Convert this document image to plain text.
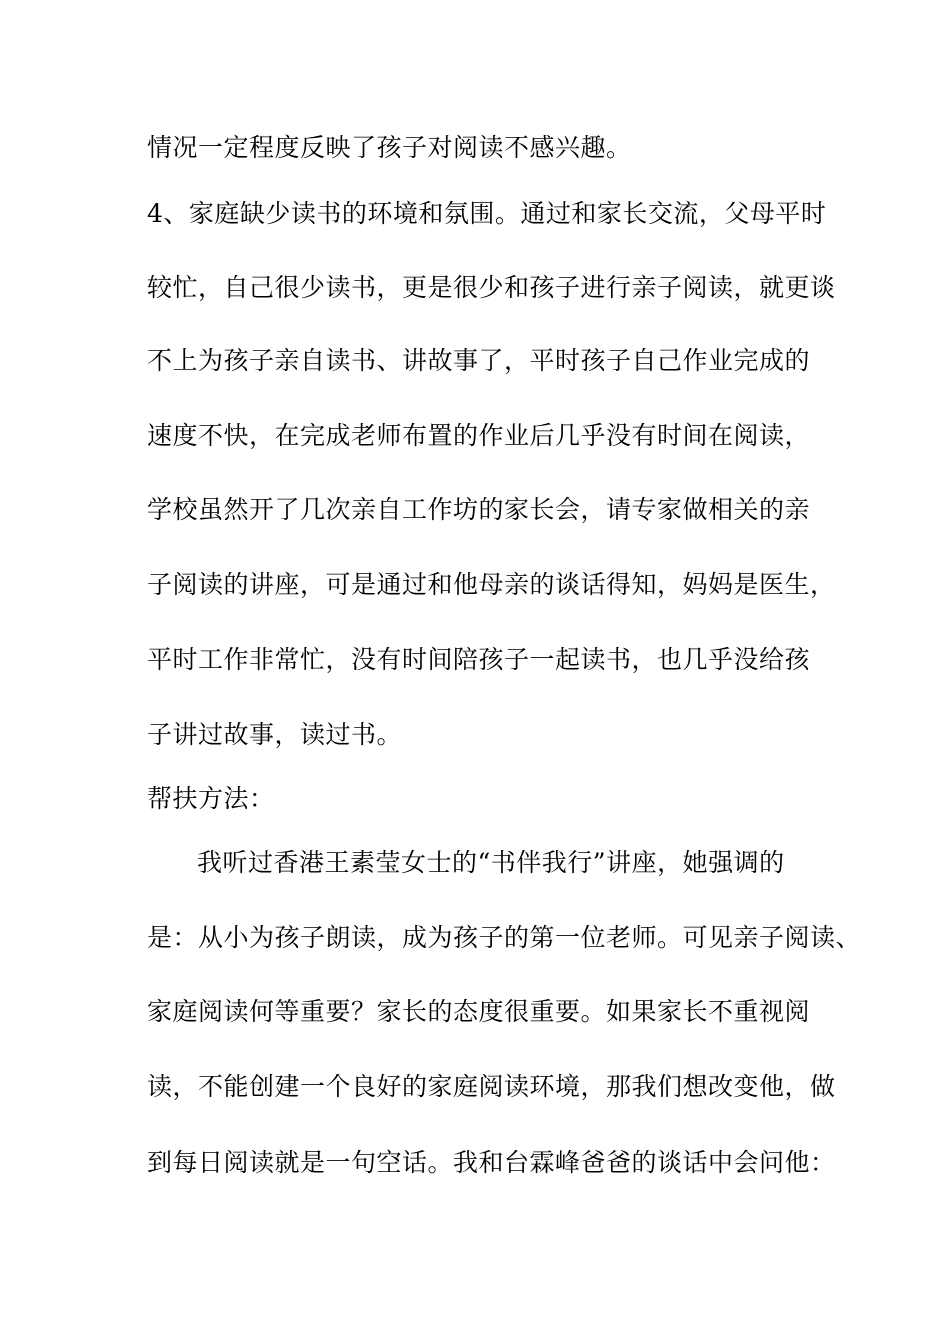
情况一定程度反映了孩子对阅读不感兴趣。
4、家庭缺少读书的环境和氛围。通过和家长交流，父母平时
较忙，自己很少读书，更是很少和孩子进行亲子阅读，就更谈
不上为孩子亲自读书、讲故事了，平时孩子自己作业完成的
速度不快，在完成老师布置的作业后几乎没有时间在阅读，
学校虽然开了几次亲自工作坊的家长会，请专家做相关的亲
子阅读的讲座，可是通过和他母亲的谈话得知，妈妈是医生，
平时工作非常忙，没有时间陪孩子一起读书，也几乎没给孩
子讲过故事，读过书。
帮扶方法：
我听过香港王素莹女士的“书伴我行”讲座，她强调的
是：从小为孩子朗读，成为孩子的第一位老师。可见亲子阅读、
家庭阅读何等重要？家长的态度很重要。如果家长不重视阅
读，不能创建一个良好的家庭阅读环境，那我们想改变他，做
到每日阅读就是一句空话。我和台霖峰爸爸的谈话中会问他：
